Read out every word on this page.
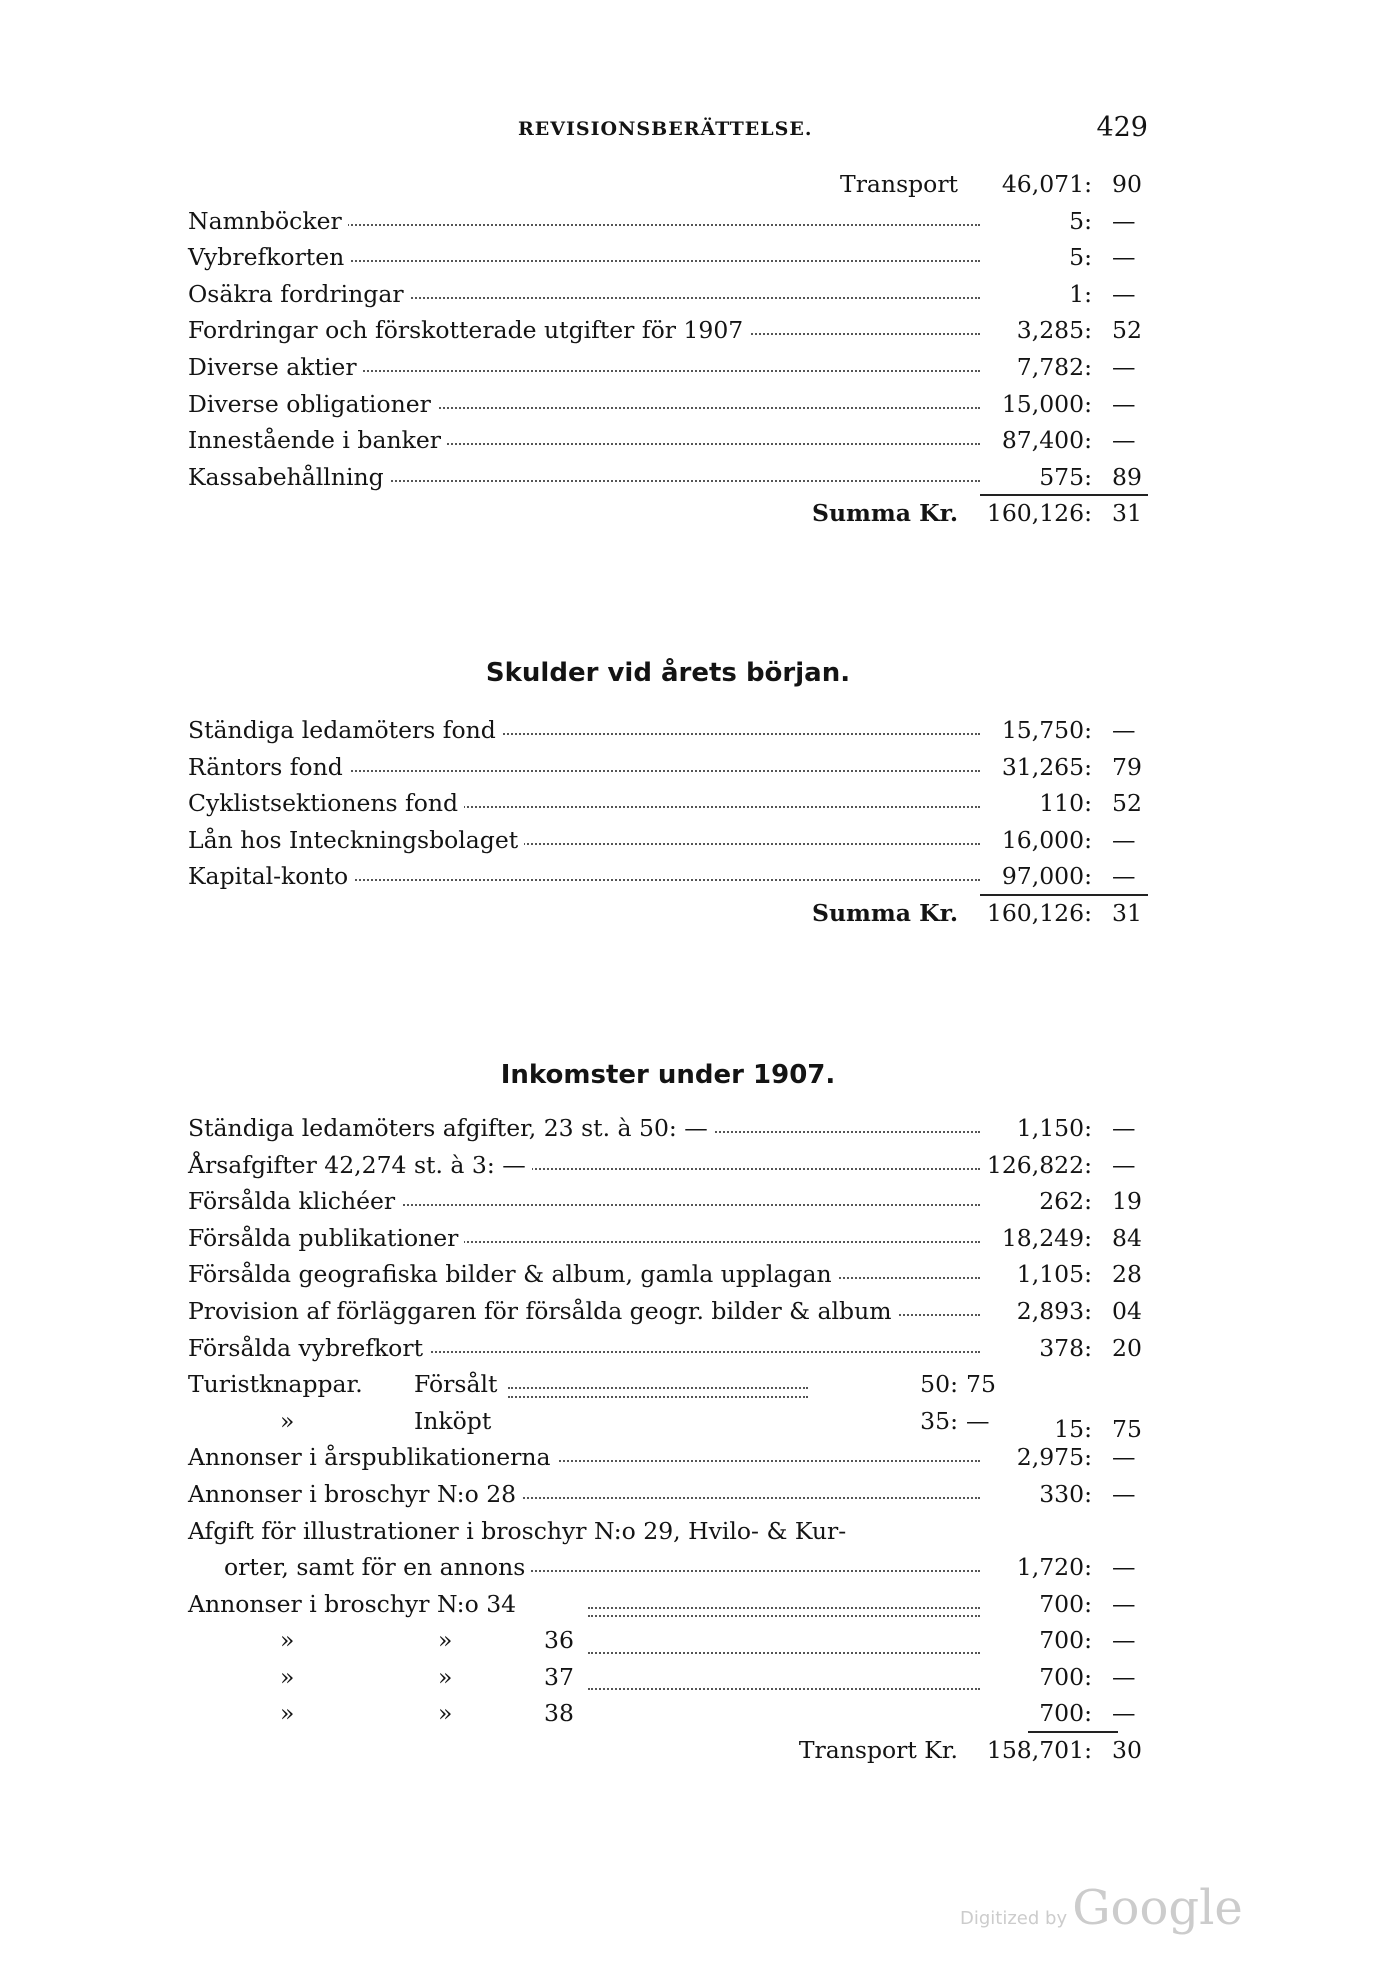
REVISIONSBERÄTTELSE.	429
Transport 46,071: 90
Namnböcker	5: —
Vybrefkorten	5: —
Osäkra fordringar	1: —
Fordringar och förskotterade utgifter för 1907	3,285: 52
Diverse aktier	7,782: —
Diverse obligationer	15,000: —
Innestående i banker	87,400: —
Kassabehållning	575: 89
Summa Kr. 160,126: 31
Skulder vid årets början.
Ständiga ledamöters fond	15,750: —
Räntors fond	31,265: 79
Cyklistsektionens fond	110: 52
Lån hos Inteckningsbolaget	16,000: —
Kapital-konto	97,000: —
Summa Kr. 160,126: 31
Inkomster under 1907.
Ständiga ledamöters afgifter, 23 st. à 50: —	1,150: —
Årsafgifter 42,274 st. à 3: —	126,822: —
Försålda klichéer	262: 19
Försålda publikationer	18,249: 84
Försålda geografiska bilder & album, gamla upplagan	1,105: 28
Provision af förläggaren för försålda geogr. bilder & album	2,893: 04
Försålda vybrefkort	378: 20
Turistknappar. Försålt	50: 75
»	Inköpt	35: —	15: 75
Annonser i årspublikationerna	2,975: —
Annonser i broschyr N:o 28	330: —
Afgift för illustrationer i broschyr N:o 29, Hvilo- & Kur-
orter, samt för en annons	1,720: —
Annonser i broschyr N:o 34	700: —
»	»	36	700: —
»	»	37	700: —
»	»	38	700: —
Transport Kr. 158,701: 30
Digitized by Google
